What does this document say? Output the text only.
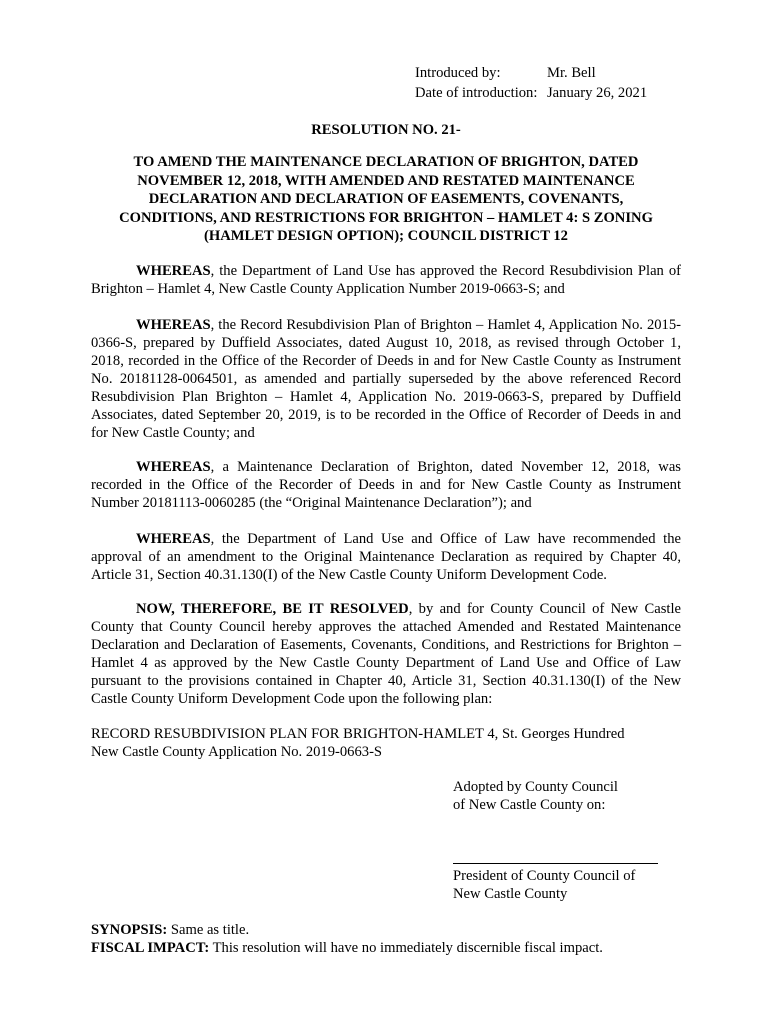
Introduced by:	Mr. Bell
Date of introduction: January 26, 2021
RESOLUTION NO. 21-
TO AMEND THE MAINTENANCE DECLARATION OF BRIGHTON, DATED
NOVEMBER 12, 2018, WITH AMENDED AND RESTATED MAINTENANCE
DECLARATION AND DECLARATION OF EASEMENTS, COVENANTS,
CONDITIONS, AND RESTRICTIONS FOR BRIGHTON – HAMLET 4: S ZONING
(HAMLET DESIGN OPTION); COUNCIL DISTRICT 12

WHEREAS, the Department of Land Use has approved the Record Resubdivision Plan of Brighton – Hamlet 4, New Castle County Application Number 2019-0663-S; and

WHEREAS, the Record Resubdivision Plan of Brighton – Hamlet 4, Application No. 2015-0366-S, prepared by Duffield Associates, dated August 10, 2018, as revised through October 1, 2018, recorded in the Office of the Recorder of Deeds in and for New Castle County as Instrument No. 20181128-0064501, as amended and partially superseded by the above referenced Record Resubdivision Plan Brighton – Hamlet 4, Application No. 2019-0663-S, prepared by Duffield Associates, dated September 20, 2019, is to be recorded in the Office of Recorder of Deeds in and for New Castle County; and

WHEREAS, a Maintenance Declaration of Brighton, dated November 12, 2018, was recorded in the Office of the Recorder of Deeds in and for New Castle County as Instrument Number 20181113-0060285 (the “Original Maintenance Declaration”); and

WHEREAS, the Department of Land Use and Office of Law have recommended the approval of an amendment to the Original Maintenance Declaration as required by Chapter 40, Article 31, Section 40.31.130(I) of the New Castle County Uniform Development Code.

NOW, THEREFORE, BE IT RESOLVED, by and for County Council of New Castle County that County Council hereby approves the attached Amended and Restated Maintenance Declaration and Declaration of Easements, Covenants, Conditions, and Restrictions for Brighton – Hamlet 4 as approved by the New Castle County Department of Land Use and Office of Law pursuant to the provisions contained in Chapter 40, Article 31, Section 40.31.130(I) of the New Castle County Uniform Development Code upon the following plan:

RECORD RESUBDIVISION PLAN FOR BRIGHTON-HAMLET 4, St. Georges Hundred
New Castle County Application No. 2019-0663-S
Adopted by County Council
of New Castle County on:
President of County Council of
New Castle County
SYNOPSIS: Same as title.
FISCAL IMPACT: This resolution will have no immediately discernible fiscal impact.
